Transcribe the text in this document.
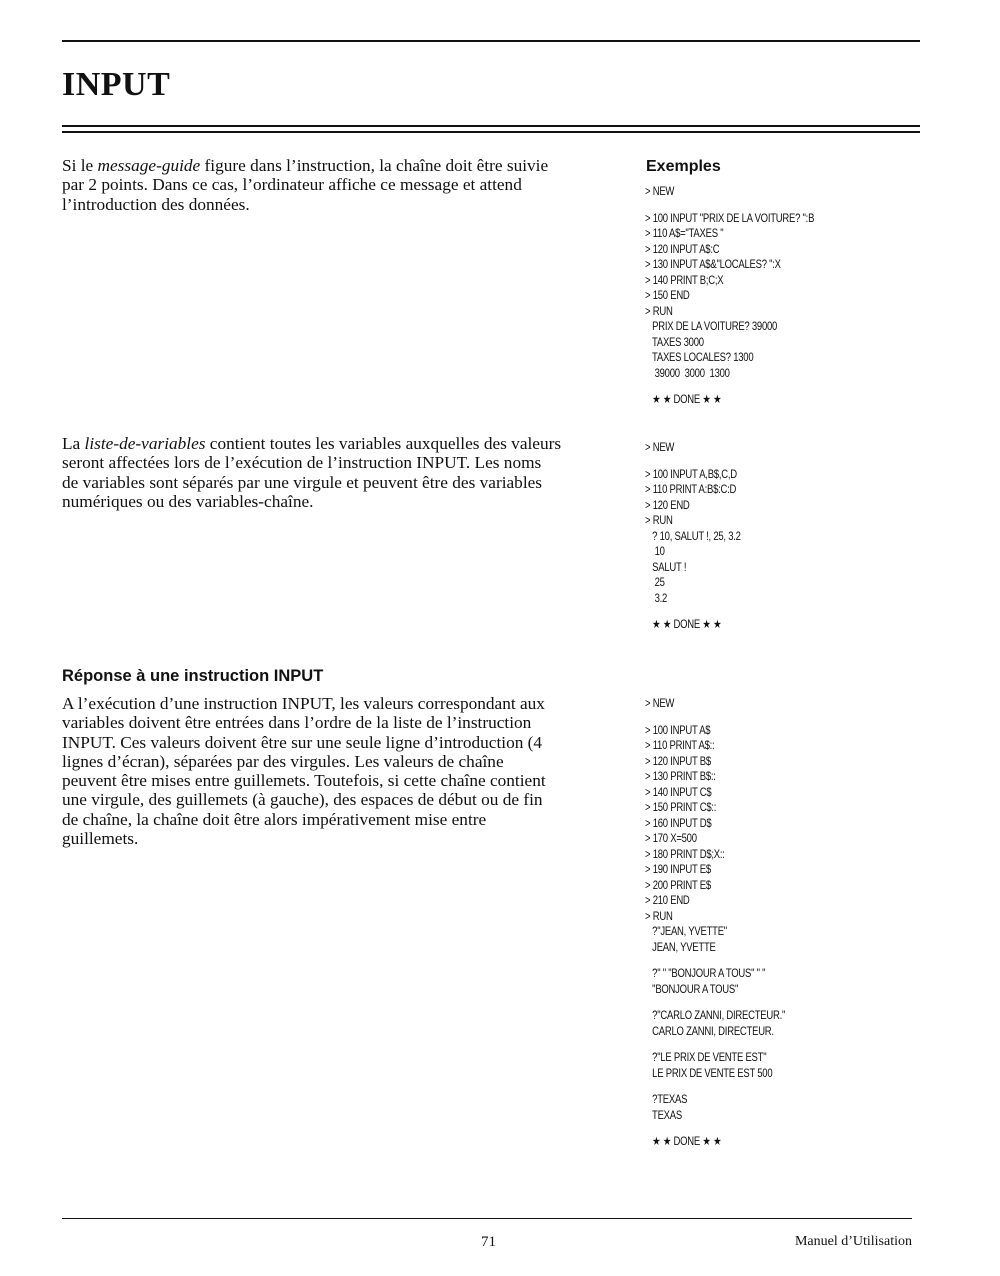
INPUT
Si le message-guide figure dans l’instruction, la chaîne doit être suivie
par 2 points. Dans ce cas, l’ordinateur affiche ce message et attend
l’introduction des données.
La liste-de-variables contient toutes les variables auxquelles des valeurs
seront affectées lors de l’exécution de l’instruction INPUT. Les noms
de variables sont séparés par une virgule et peuvent être des variables
numériques ou des variables-chaîne.
Réponse à une instruction INPUT
A l’exécution d’une instruction INPUT, les valeurs correspondant aux
variables doivent être entrées dans l’ordre de la liste de l’instruction
INPUT. Ces valeurs doivent être sur une seule ligne d’introduction (4
lignes d’écran), séparées par des virgules. Les valeurs de chaîne
peuvent être mises entre guillemets. Toutefois, si cette chaîne contient
une virgule, des guillemets (à gauche), des espaces de début ou de fin
de chaîne, la chaîne doit être alors impérativement mise entre
guillemets.
Exemples
> NEW
> 100 INPUT "PRIX DE LA VOITURE? ":B
> 110 A$="TAXES "
> 120 INPUT A$:C
> 130 INPUT A$&"LOCALES? ":X
> 140 PRINT B;C;X
> 150 END
> RUN
PRIX DE LA VOITURE? 39000
TAXES 3000
TAXES LOCALES? 1300
39000  3000  1300
★ ★ DONE ★ ★
> NEW
> 100 INPUT A,B$,C,D
> 110 PRINT A:B$:C:D
> 120 END
> RUN
? 10, SALUT !, 25, 3.2
10
SALUT !
25
3.2
★ ★ DONE ★ ★
> NEW
> 100 INPUT A$
> 110 PRINT A$::
> 120 INPUT B$
> 130 PRINT B$::
> 140 INPUT C$
> 150 PRINT C$::
> 160 INPUT D$
> 170 X=500
> 180 PRINT D$;X::
> 190 INPUT E$
> 200 PRINT E$
> 210 END
> RUN
?"JEAN, YVETTE"
JEAN, YVETTE
?" " "BONJOUR A TOUS" " "
"BONJOUR A TOUS"
?"CARLO ZANNI, DIRECTEUR."
CARLO ZANNI, DIRECTEUR.
?"LE PRIX DE VENTE EST"
LE PRIX DE VENTE EST 500
?TEXAS
TEXAS
★ ★ DONE ★ ★
71	Manuel d’Utilisation
